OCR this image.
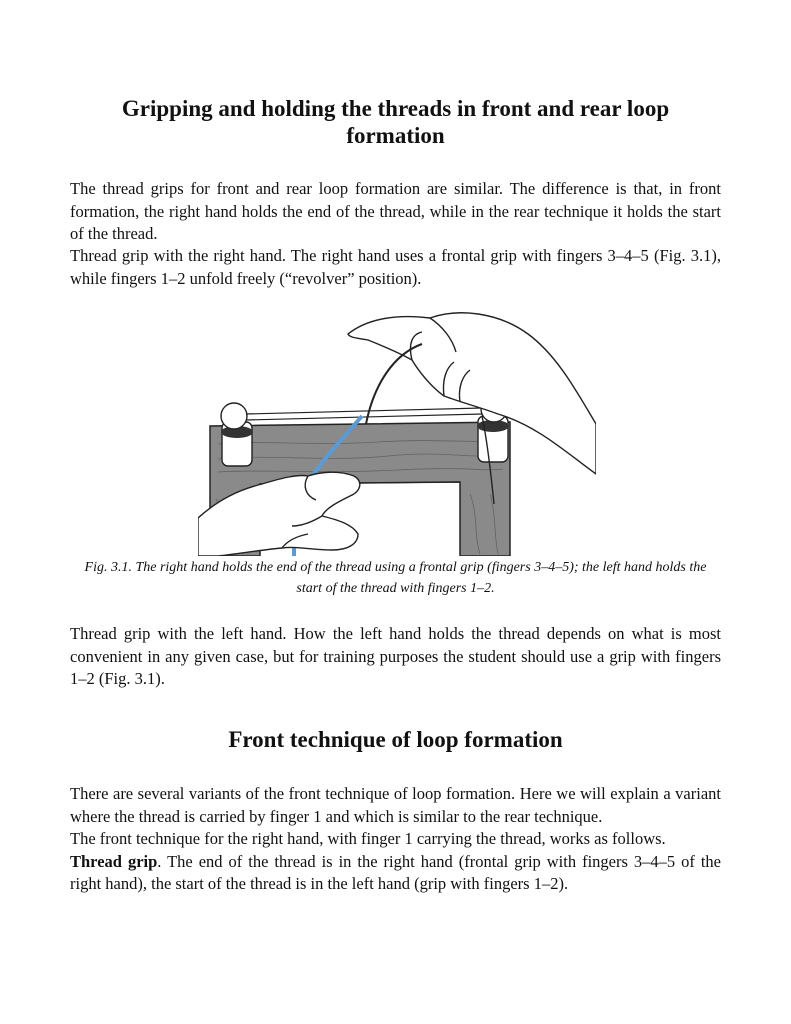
Gripping and holding the threads in front and rear loop formation

The thread grips for front and rear loop formation are similar. The difference is that, in front formation, the right hand holds the end of the thread, while in the rear technique it holds the start of the thread.

Thread grip with the right hand. The right hand uses a frontal grip with fingers 3–4–5 (Fig. 3.1), while fingers 1–2 unfold freely (“revolver” position).

Fig. 3.1. The right hand holds the end of the thread using a frontal grip (fingers 3–4–5); the left hand holds the start of the thread with fingers 1–2.

Thread grip with the left hand. How the left hand holds the thread depends on what is most convenient in any given case, but for training purposes the student should use a grip with fingers 1–2 (Fig. 3.1).

Front technique of loop formation
There are several variants of the front technique of loop formation. Here we will explain a variant where the thread is carried by finger 1 and which is similar to the rear technique.
The front technique for the right hand, with finger 1 carrying the thread, works as follows.
Thread grip. The end of the thread is in the right hand (frontal grip with fingers 3–4–5 of the right hand), the start of the thread is in the left hand (grip with fingers 1–2).
